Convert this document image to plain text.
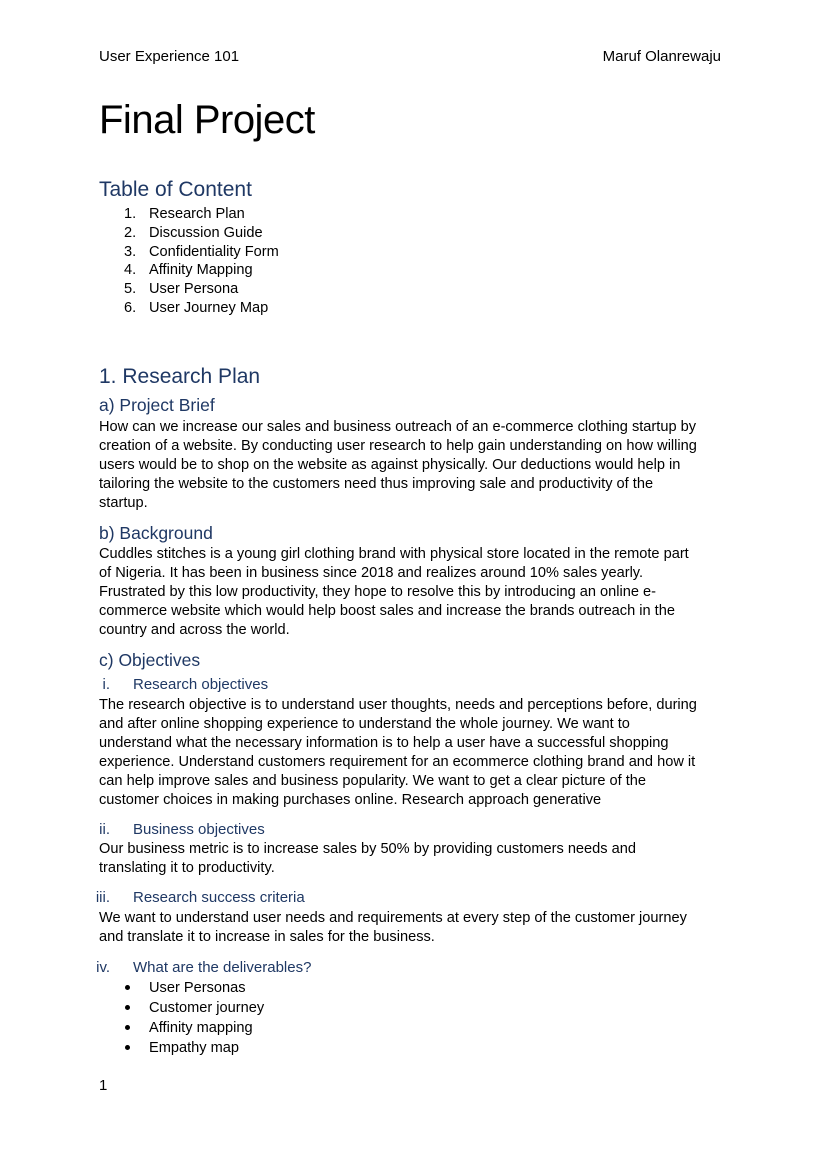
User Experience 101	Maruf Olanrewaju
Final Project
Table of Content
1. Research Plan
2. Discussion Guide
3. Confidentiality Form
4. Affinity Mapping
5. User Persona
6. User Journey Map
1. Research Plan
a) Project Brief
How can we increase our sales and business outreach of an e-commerce clothing startup by
creation of a website. By conducting user research to help gain understanding on how willing
users would be to shop on the website as against physically. Our deductions would help in
tailoring the website to the customers need thus improving sale and productivity of the
startup.
b) Background
Cuddles stitches is a young girl clothing brand with physical store located in the remote part
of Nigeria. It has been in business since 2018 and realizes around 10% sales yearly.
Frustrated by this low productivity, they hope to resolve this by introducing an online e-
commerce website which would help boost sales and increase the brands outreach in the
country and across the world.
c) Objectives
i. Research objectives
The research objective is to understand user thoughts, needs and perceptions before, during
and after online shopping experience to understand the whole journey. We want to
understand what the necessary information is to help a user have a successful shopping
experience. Understand customers requirement for an ecommerce clothing brand and how it
can help improve sales and business popularity. We want to get a clear picture of the
customer choices in making purchases online. Research approach generative
ii. Business objectives
Our business metric is to increase sales by 50% by providing customers needs and
translating it to productivity.
iii. Research success criteria
We want to understand user needs and requirements at every step of the customer journey
and translate it to increase in sales for the business.
iv. What are the deliverables?
User Personas
Customer journey
Affinity mapping
Empathy map
1
